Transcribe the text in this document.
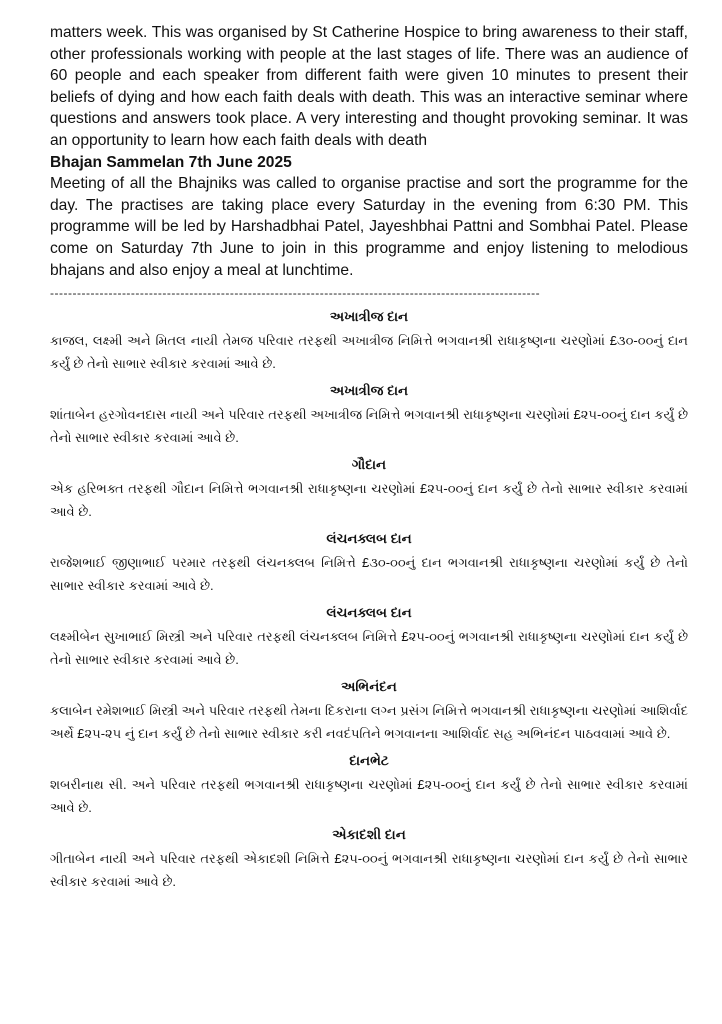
matters week. This was organised by St Catherine Hospice to bring awareness to their staff, other professionals working with people at the last stages of life. There was an audience of 60 people and each speaker from different faith were given 10 minutes to present their beliefs of dying and how each faith deals with death. This was an interactive seminar where questions and answers took place. A very interesting and thought provoking seminar. It was an opportunity to learn how each faith deals with death

Bhajan Sammelan 7th June 2025

Meeting of all the Bhajniks was called to organise practise and sort the programme for the day. The practises are taking place every Saturday in the evening from 6:30 PM. This programme will be led by Harshadbhai Patel, Jayeshbhai Pattni and Sombhai Patel. Please come on Saturday 7th June to join in this programme and enjoy listening to melodious bhajans and also enjoy a meal at lunchtime.

-------------------------------------------------------------------------------------------------------------
અખાત્રીજ દાન

કાજલ, લક્ષ્મી અને મિતલ નાયી તેમજ પરિવાર તરફથી અખાત્રીજ નિમિત્તે ભગવાનશ્રી રાધાકૃષ્ણના ચરણોમાં £૩૦-૦૦નું દાન કર્યું છે તેનો સાભાર સ્વીકાર કરવામાં આવે છે.

અખાત્રીજ દાન

શાંતાબેન હરગોવનદાસ નાયી અને પરિવાર તરફથી અખાત્રીજ નિમિત્તે ભગવાનશ્રી રાધાકૃષ્ણના ચરણોમાં £૨૫-૦૦નું દાન કર્યું છે તેનો સાભાર સ્વીકાર કરવામાં આવે છે.

ગૌદાન

એક હરિભક્ત તરફથી ગૌદાન નિમિત્તે ભગવાનશ્રી રાધાકૃષ્ણના ચરણોમાં £૨૫-૦૦નું દાન કર્યું છે તેનો સાભાર સ્વીકાર કરવામાં આવે છે.

લંચનક્લબ દાન

રાજેશભાઈ જીણાભાઈ પરમાર તરફથી લંચનક્લબ નિમિત્તે £૩૦-૦૦નું દાન ભગવાનશ્રી રાધાકૃષ્ણના ચરણોમાં કર્યું છે તેનો સાભાર સ્વીકાર કરવામાં આવે છે.

લંચનક્લબ દાન

લક્ષ્મીબેન સુખાભાઈ મિસ્ત્રી અને પરિવાર તરફથી લંચનક્લબ નિમિત્તે £૨૫-૦૦નું ભગવાનશ્રી રાધાકૃષ્ણના ચરણોમાં દાન કર્યું છે તેનો સાભાર સ્વીકાર કરવામાં આવે છે.

અભિનંદન

કલાબેન રમેશભાઈ મિસ્ત્રી અને પરિવાર તરફથી તેમના દિકરાના લગ્ન પ્રસંગ નિમિત્તે ભગવાનશ્રી રાધાકૃષ્ણના ચરણોમાં આશિર્વાદ અર્થે £૨૫-૨૫ નું દાન કર્યું છે તેનો સાભાર સ્વીકાર કરી નવદંપતિને ભગવાનના આશિર્વાદ સહ અભિનંદન પાઠવવામાં આવે છે.

દાનભેટ

શબરીનાથ સી. અને પરિવાર તરફથી ભગવાનશ્રી રાધાકૃષ્ણના ચરણોમાં £૨૫-૦૦નું દાન કર્યું છે તેનો સાભાર સ્વીકાર કરવામાં આવે છે.

એકાદશી દાન

ગીતાબેન નાયી અને પરિવાર તરફથી એકાદશી નિમિત્તે £૨૫-૦૦નું ભગવાનશ્રી રાધાકૃષ્ણના ચરણોમાં દાન કર્યું છે તેનો સાભાર સ્વીકાર કરવામાં આવે છે.
